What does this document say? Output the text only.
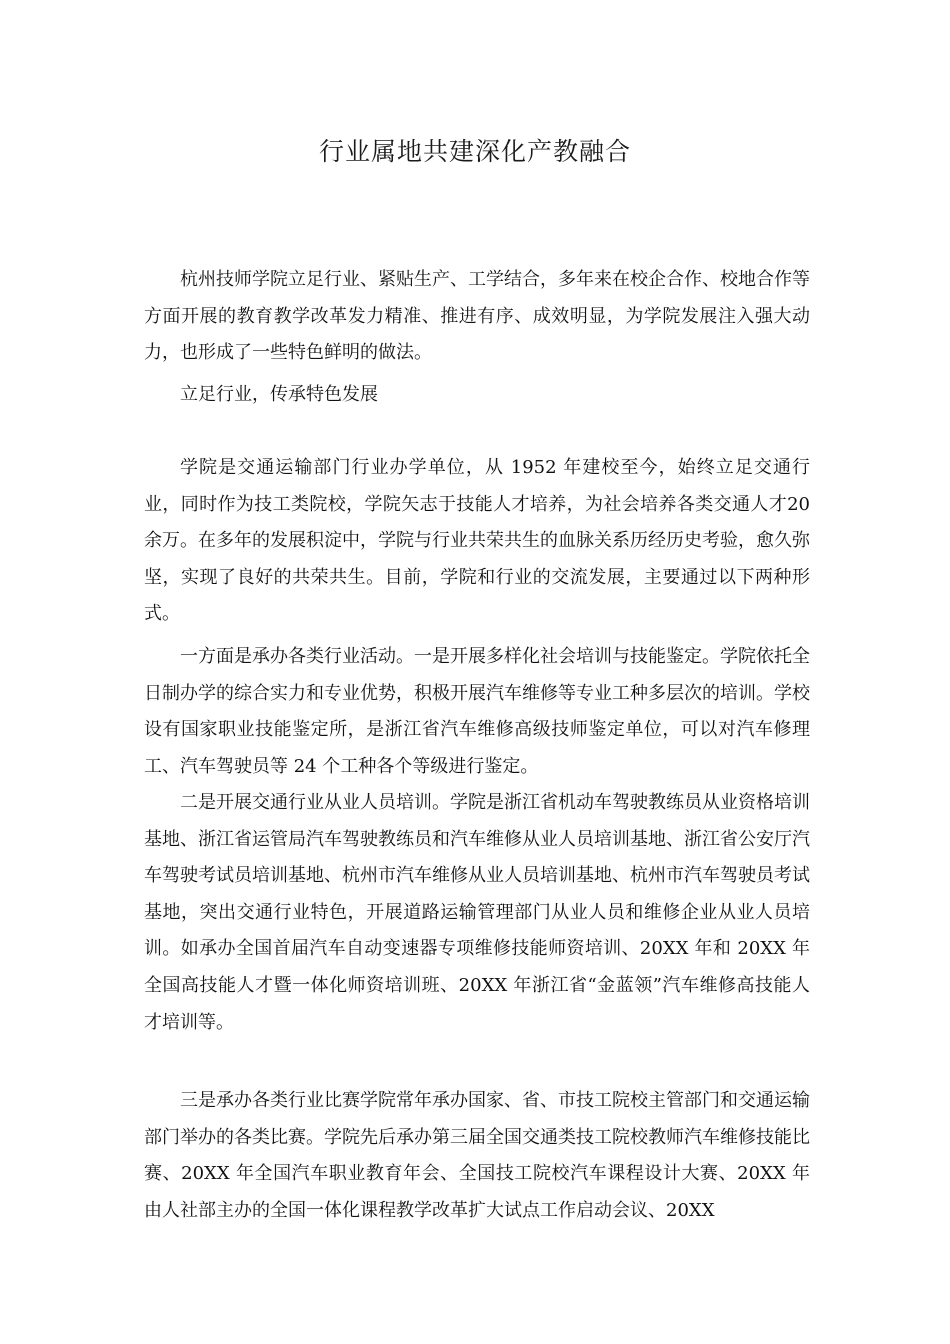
行业属地共建深化产教融合

杭州技师学院立足行业、紧贴生产、工学结合，多年来在校企合作、校地合作等方面开展的教育教学改革发力精准、推进有序、成效明显，为学院发展注入强大动力，也形成了一些特色鲜明的做法。

立足行业，传承特色发展

学院是交通运输部门行业办学单位，从 1952 年建校至今，始终立足交通行业，同时作为技工类院校，学院矢志于技能人才培养，为社会培养各类交通人才20余万。在多年的发展积淀中，学院与行业共荣共生的血脉关系历经历史考验，愈久弥坚，实现了良好的共荣共生。目前，学院和行业的交流发展，主要通过以下两种形式。

一方面是承办各类行业活动。一是开展多样化社会培训与技能鉴定。学院依托全日制办学的综合实力和专业优势，积极开展汽车维修等专业工种多层次的培训。学校设有国家职业技能鉴定所，是浙江省汽车维修高级技师鉴定单位，可以对汽车修理工、汽车驾驶员等 24 个工种各个等级进行鉴定。

二是开展交通行业从业人员培训。学院是浙江省机动车驾驶教练员从业资格培训基地、浙江省运管局汽车驾驶教练员和汽车维修从业人员培训基地、浙江省公安厅汽车驾驶考试员培训基地、杭州市汽车维修从业人员培训基地、杭州市汽车驾驶员考试基地，突出交通行业特色，开展道路运输管理部门从业人员和维修企业从业人员培训。如承办全国首届汽车自动变速器专项维修技能师资培训、20XX 年和 20XX 年全国高技能人才暨一体化师资培训班、20XX 年浙江省“金蓝领”汽车维修高技能人才培训等。

三是承办各类行业比赛学院常年承办国家、省、市技工院校主管部门和交通运输部门举办的各类比赛。学院先后承办第三届全国交通类技工院校教师汽车维修技能比赛、20XX 年全国汽车职业教育年会、全国技工院校汽车课程设计大赛、20XX 年由人社部主办的全国一体化课程教学改革扩大试点工作启动会议、20XX
